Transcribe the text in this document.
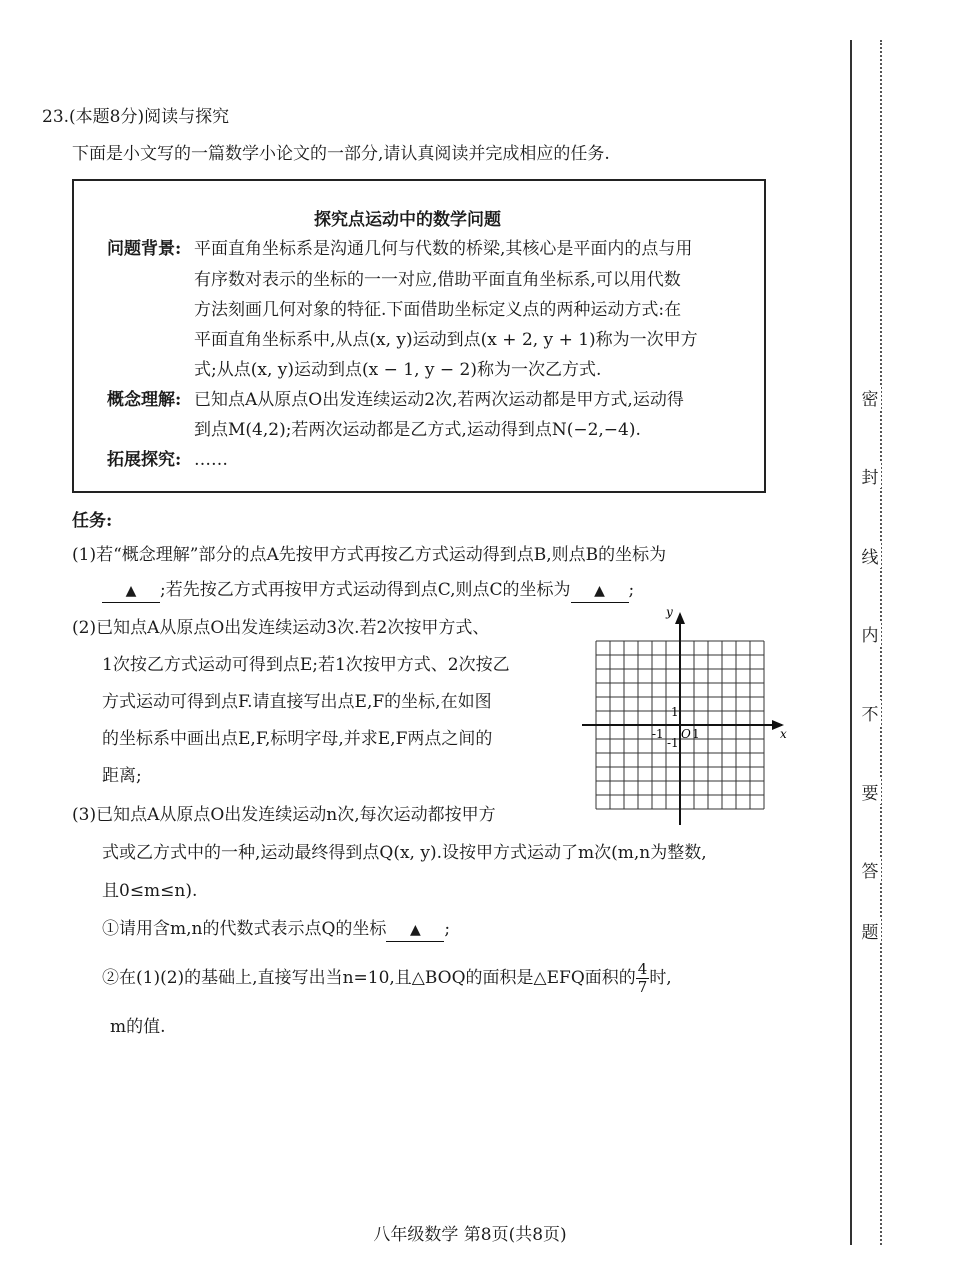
23.(本题8分)阅读与探究
下面是小文写的一篇数学小论文的一部分,请认真阅读并完成相应的任务.
探究点运动中的数学问题
问题背景: 平面直角坐标系是沟通几何与代数的桥梁,其核心是平面内的点与用
有序数对表示的坐标的一一对应,借助平面直角坐标系,可以用代数
方法刻画几何对象的特征.下面借助坐标定义点的两种运动方式:在
平面直角坐标系中,从点(x, y)运动到点(x + 2, y + 1)称为一次甲方
式;从点(x, y)运动到点(x − 1, y − 2)称为一次乙方式.
概念理解: 已知点A从原点O出发连续运动2次,若两次运动都是甲方式,运动得
到点M(4,2);若两次运动都是乙方式,运动得到点N(−2,−4).
拓展探究: ……
任务:
(1)若“概念理解”部分的点A先按甲方式再按乙方式运动得到点B,则点B的坐标为
▲ ;若先按乙方式再按甲方式运动得到点C,则点C的坐标为 ▲ ;
(2)已知点A从原点O出发连续运动3次.若2次按甲方式、
1次按乙方式运动可得到点E;若1次按甲方式、2次按乙
方式运动可得到点F.请直接写出点E,F的坐标,在如图
的坐标系中画出点E,F,标明字母,并求E,F两点之间的
距离;
x
y
O 1
1
-1
-1
(3)已知点A从原点O出发连续运动n次,每次运动都按甲方
式或乙方式中的一种,运动最终得到点Q(x, y).设按甲方式运动了m次(m,n为整数,
且0≤m≤n).
①请用含m,n的代数式表示点Q的坐标 ▲ ;
②在(1)(2)的基础上,直接写出当n=10,且△BOQ的面积是△EFQ面积的 $\frac{4}{7}$ 时,
m的值.
八年级数学 第8页(共8页)
密
封
线
内
不
要
答
题
